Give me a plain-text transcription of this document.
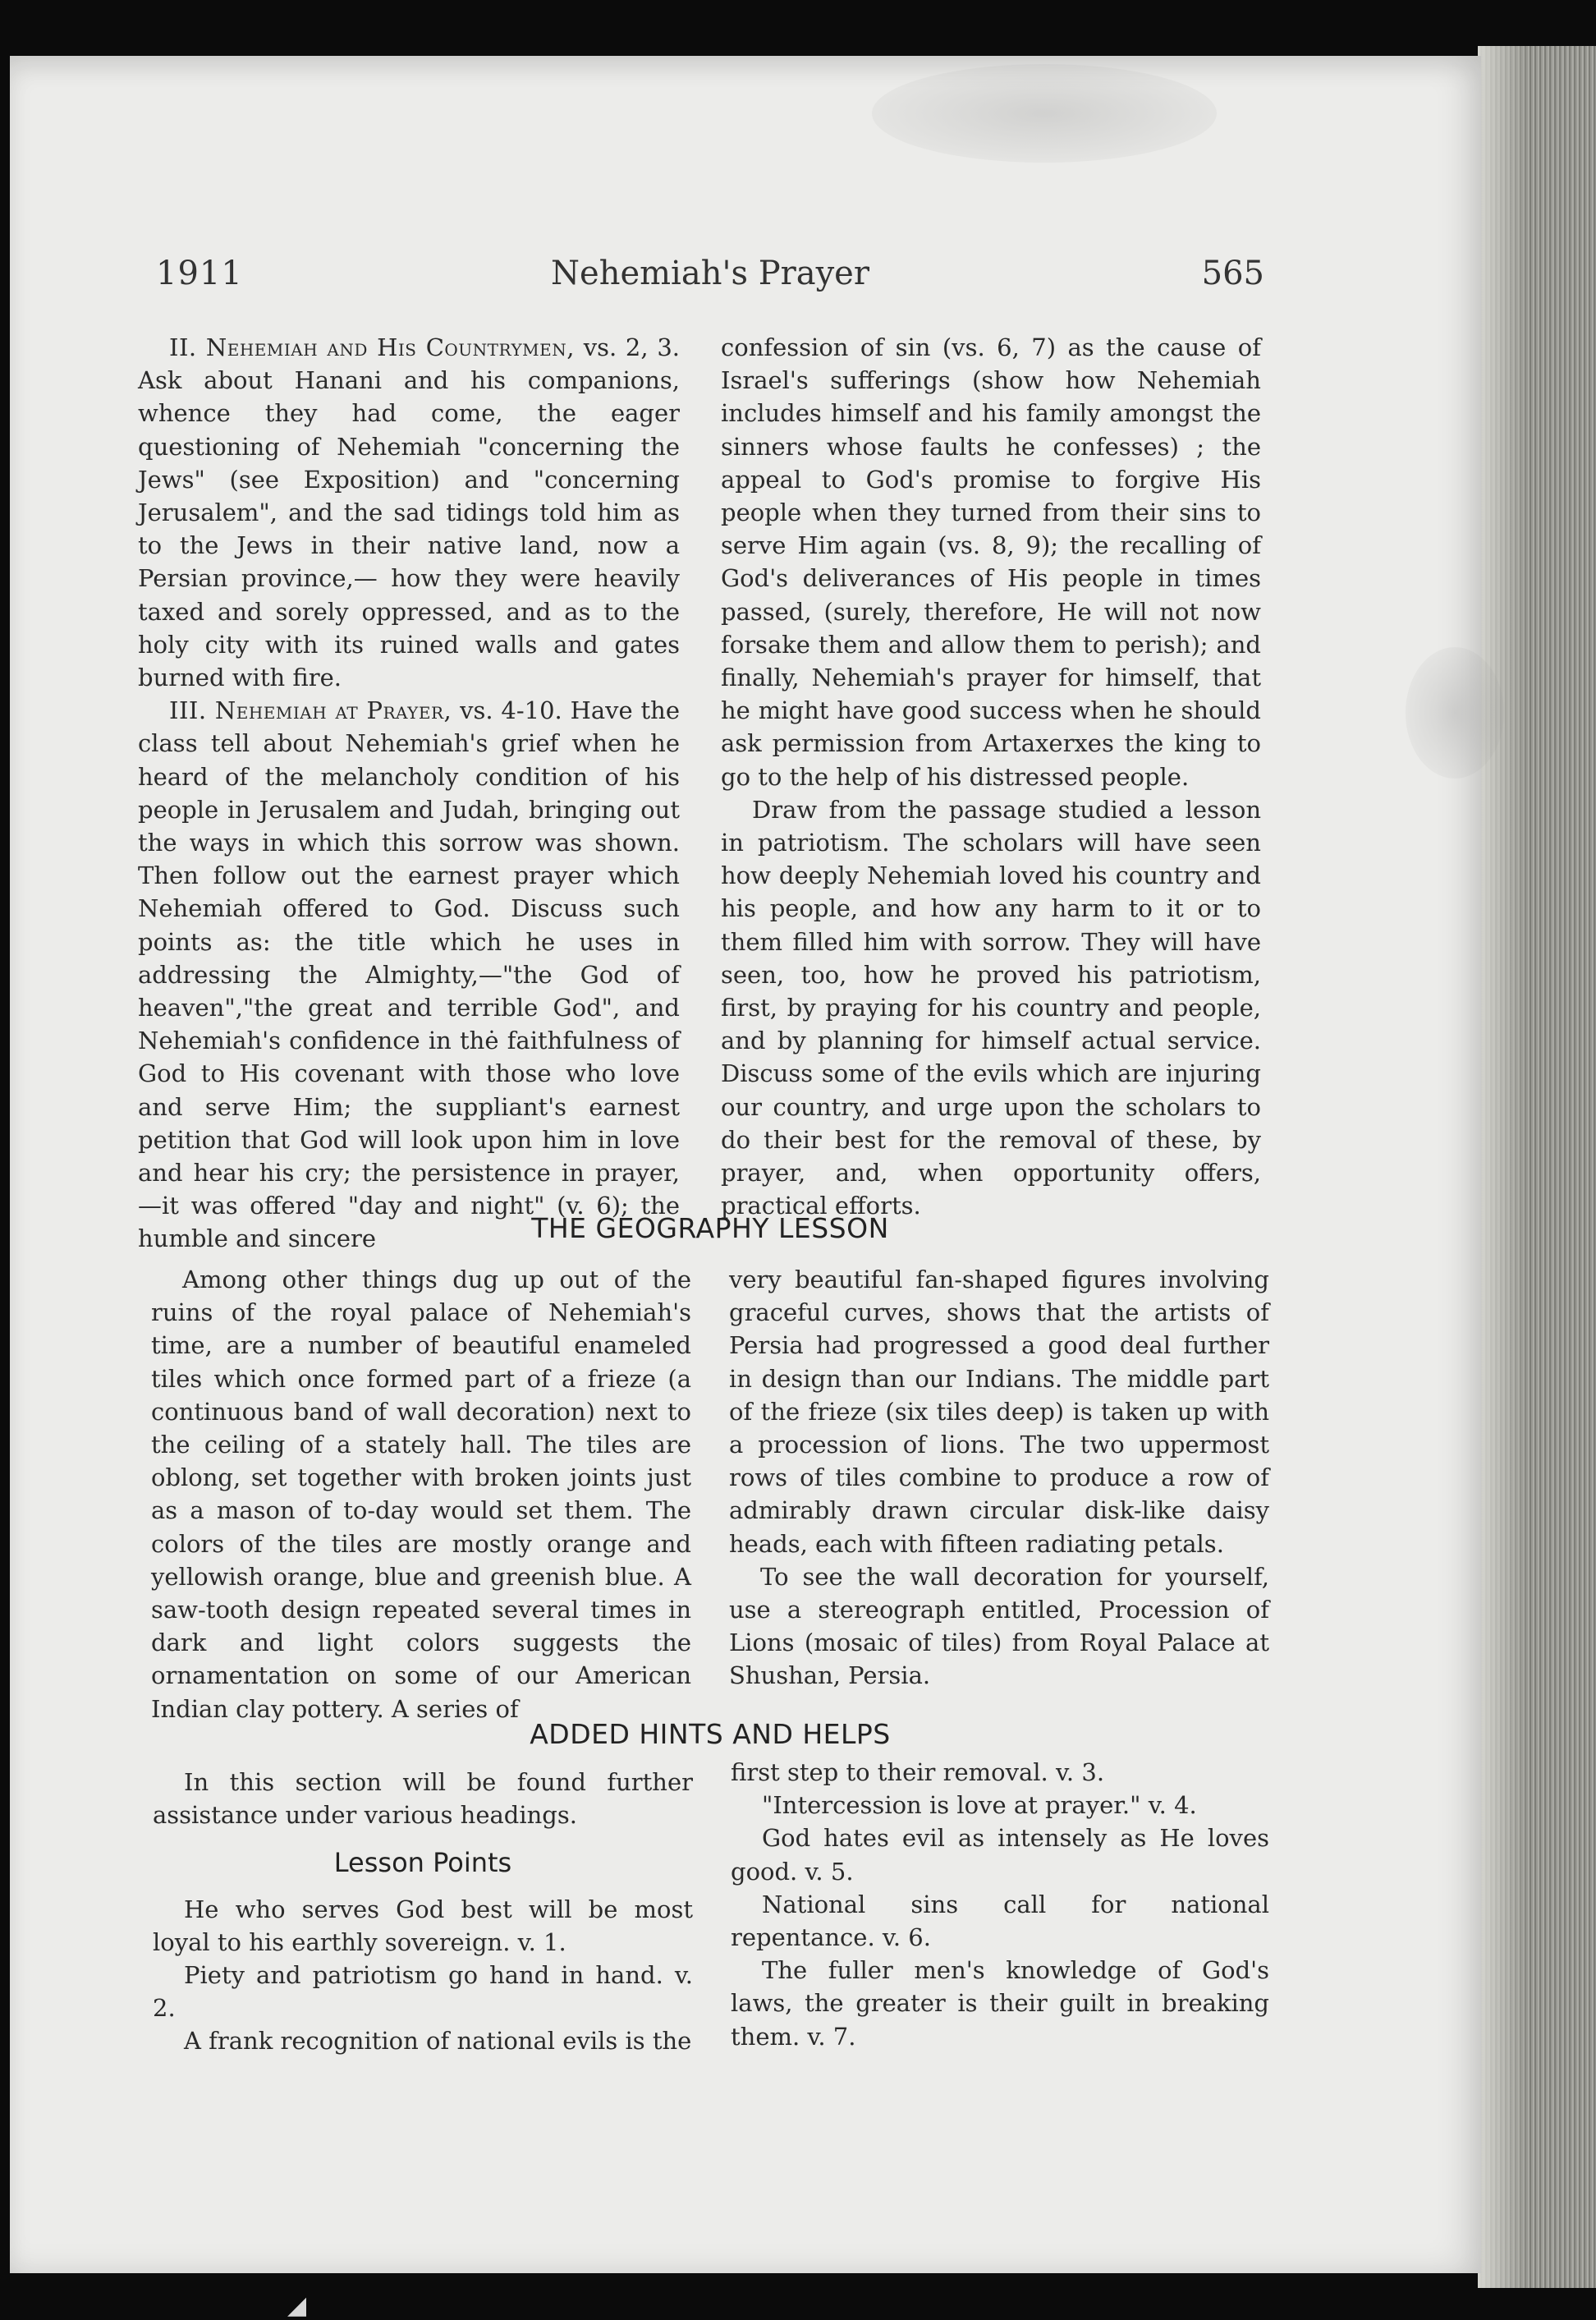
1911	Nehemiah's Prayer	565

II. Nehemiah and His Countrymen, vs. 2, 3. Ask about Hanani and his companions, whence they had come, the eager questioning of Nehemiah "concerning the Jews" (see Exposition) and "concerning Jerusalem", and the sad tidings told him as to the Jews in their native land, now a Persian province,— how they were heavily taxed and sorely oppressed, and as to the holy city with its ruined walls and gates burned with fire.

III. Nehemiah at Prayer, vs. 4-10. Have the class tell about Nehemiah's grief when he heard of the melancholy condition of his people in Jerusalem and Judah, bringing out the ways in which this sorrow was shown. Then follow out the earnest prayer which Nehemiah offered to God. Discuss such points as: the title which he uses in addressing the Almighty,—"the God of heaven","the great and terrible God", and Nehemiah's confidence in thė faithfulness of God to His covenant with those who love and serve Him; the suppliant's earnest petition that God will look upon him in love and hear his cry; the persistence in prayer,—it was offered "day and night" (v. 6); the humble and sincere

confession of sin (vs. 6, 7) as the cause of Israel's sufferings (show how Nehemiah includes himself and his family amongst the sinners whose faults he confesses) ; the appeal to God's promise to forgive His people when they turned from their sins to serve Him again (vs. 8, 9); the recalling of God's deliverances of His people in times passed, (surely, therefore, He will not now forsake them and allow them to perish); and finally, Nehemiah's prayer for himself, that he might have good success when he should ask permission from Artaxerxes the king to go to the help of his distressed people.

Draw from the passage studied a lesson in patriotism. The scholars will have seen how deeply Nehemiah loved his country and his people, and how any harm to it or to them filled him with sorrow. They will have seen, too, how he proved his patriotism, first, by praying for his country and people, and by planning for himself actual service. Discuss some of the evils which are injuring our country, and urge upon the scholars to do their best for the removal of these, by prayer, and, when opportunity offers, practical efforts.

THE GEOGRAPHY LESSON

Among other things dug up out of the ruins of the royal palace of Nehemiah's time, are a number of beautiful enameled tiles which once formed part of a frieze (a continuous band of wall decoration) next to the ceiling of a stately hall. The tiles are oblong, set together with broken joints just as a mason of to-day would set them. The colors of the tiles are mostly orange and yellowish orange, blue and greenish blue. A saw-tooth design repeated several times in dark and light colors suggests the ornamentation on some of our American Indian clay pottery. A series of

very beautiful fan-shaped figures involving graceful curves, shows that the artists of Persia had progressed a good deal further in design than our Indians. The middle part of the frieze (six tiles deep) is taken up with a procession of lions. The two uppermost rows of tiles combine to produce a row of admirably drawn circular disk-like daisy heads, each with fifteen radiating petals.

To see the wall decoration for yourself, use a stereograph entitled, Procession of Lions (mosaic of tiles) from Royal Palace at Shushan, Persia.

ADDED HINTS AND HELPS

In this section will be found further assistance under various headings.

Lesson Points

He who serves God best will be most loyal to his earthly sovereign. v. 1.

Piety and patriotism go hand in hand. v. 2.

A frank recognition of national evils is the

first step to their removal. v. 3.

"Intercession is love at prayer." v. 4.

God hates evil as intensely as He loves good. v. 5.

National sins call for national repentance. v. 6.

The fuller men's knowledge of God's laws, the greater is their guilt in breaking them. v. 7.

◢
